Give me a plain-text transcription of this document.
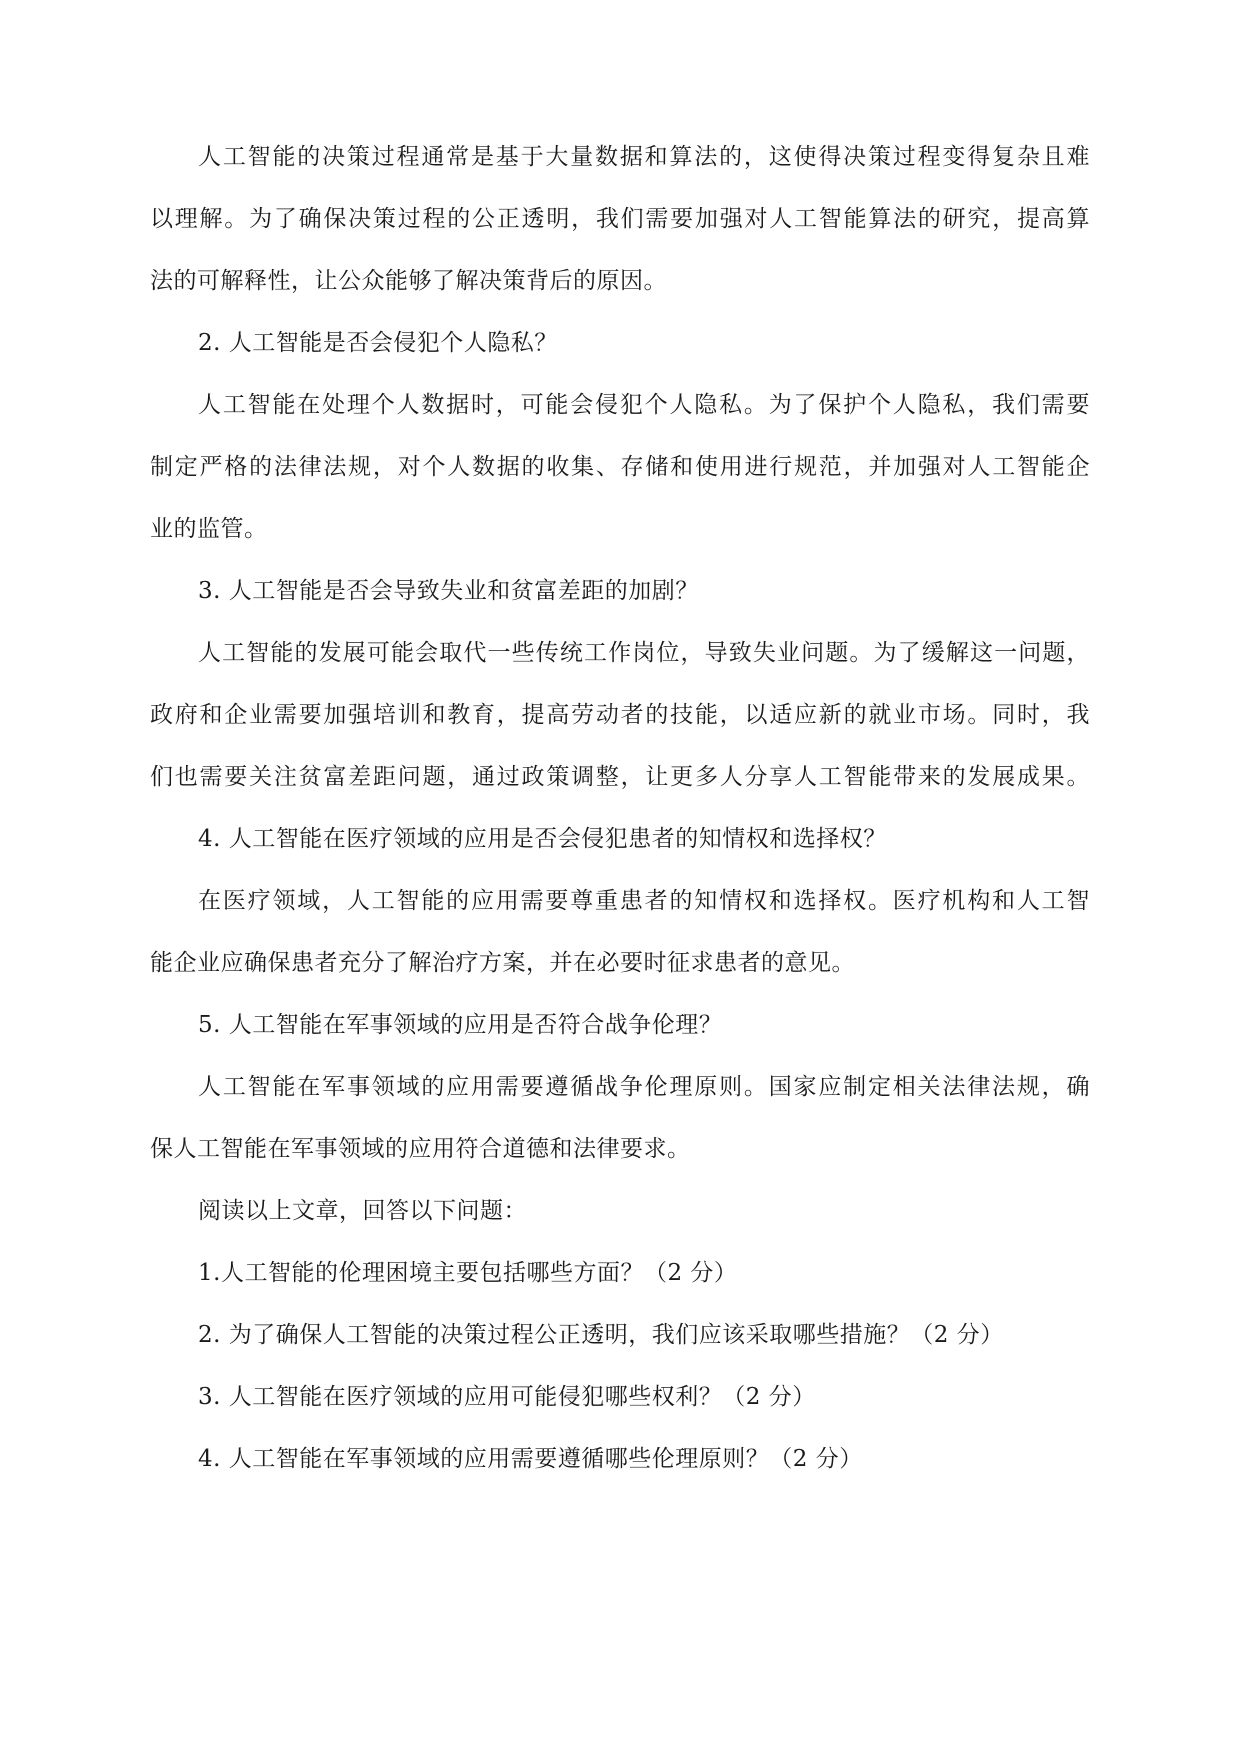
人工智能的决策过程通常是基于大量数据和算法的，这使得决策过程变得复杂且难
以理解。为了确保决策过程的公正透明，我们需要加强对人工智能算法的研究，提高算
法的可解释性，让公众能够了解决策背后的原因。
2. 人工智能是否会侵犯个人隐私？
人工智能在处理个人数据时，可能会侵犯个人隐私。为了保护个人隐私，我们需要
制定严格的法律法规，对个人数据的收集、存储和使用进行规范，并加强对人工智能企
业的监管。
3. 人工智能是否会导致失业和贫富差距的加剧？
人工智能的发展可能会取代一些传统工作岗位，导致失业问题。为了缓解这一问题，
政府和企业需要加强培训和教育，提高劳动者的技能，以适应新的就业市场。同时，我
们也需要关注贫富差距问题，通过政策调整，让更多人分享人工智能带来的发展成果。
4. 人工智能在医疗领域的应用是否会侵犯患者的知情权和选择权？
在医疗领域，人工智能的应用需要尊重患者的知情权和选择权。医疗机构和人工智
能企业应确保患者充分了解治疗方案，并在必要时征求患者的意见。
5. 人工智能在军事领域的应用是否符合战争伦理？
人工智能在军事领域的应用需要遵循战争伦理原则。国家应制定相关法律法规，确
保人工智能在军事领域的应用符合道德和法律要求。
阅读以上文章，回答以下问题：
1.人工智能的伦理困境主要包括哪些方面？（2 分）
2. 为了确保人工智能的决策过程公正透明，我们应该采取哪些措施？（2 分）
3. 人工智能在医疗领域的应用可能侵犯哪些权利？（2 分）
4. 人工智能在军事领域的应用需要遵循哪些伦理原则？（2 分）
